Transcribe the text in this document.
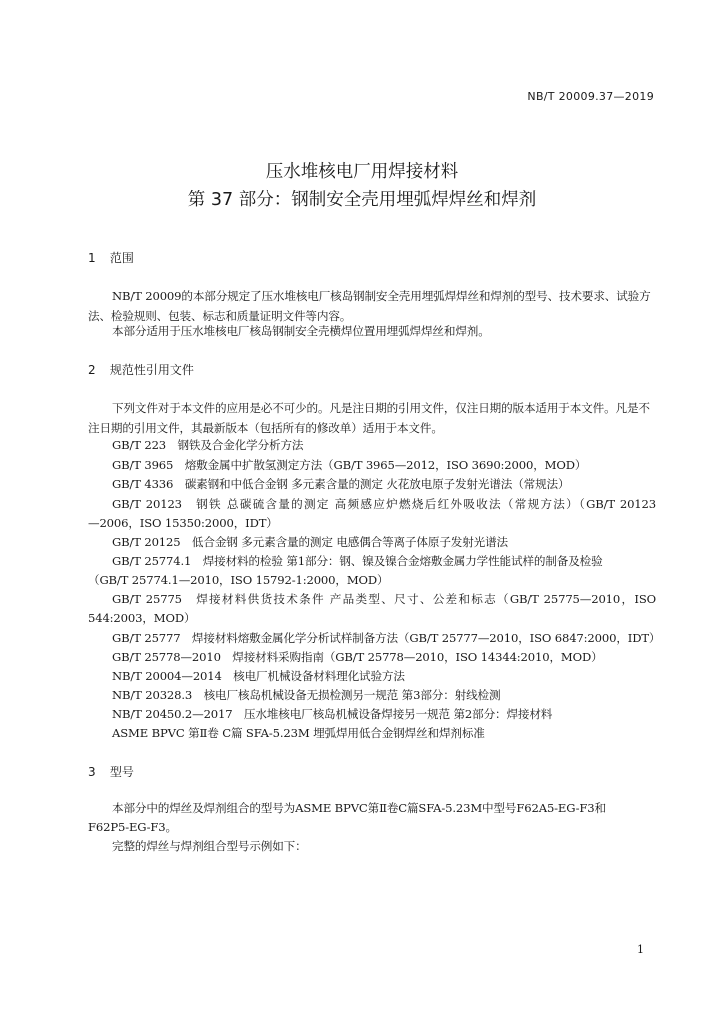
NB/T 20009.37—2019
压水堆核电厂用焊接材料
第 37 部分：钢制安全壳用埋弧焊焊丝和焊剂
1 范围

NB/T 20009的本部分规定了压水堆核电厂核岛钢制安全壳用埋弧焊焊丝和焊剂的型号、技术要求、试验方法、检验规则、包装、标志和质量证明文件等内容。

本部分适用于压水堆核电厂核岛钢制安全壳横焊位置用埋弧焊焊丝和焊剂。

2 规范性引用文件

下列文件对于本文件的应用是必不可少的。凡是注日期的引用文件，仅注日期的版本适用于本文件。凡是不注日期的引用文件，其最新版本（包括所有的修改单）适用于本文件。

GB/T 223　钢铁及合金化学分析方法
GB/T 3965　熔敷金属中扩散氢测定方法（GB/T 3965—2012，ISO 3690:2000，MOD）
GB/T 4336　碳素钢和中低合金钢 多元素含量的测定 火花放电原子发射光谱法（常规法）
GB/T 20123　钢铁 总碳硫含量的测定 高频感应炉燃烧后红外吸收法（常规方法）（GB/T 20123
—2006，ISO 15350:2000，IDT）
GB/T 20125　低合金钢 多元素含量的测定 电感偶合等离子体原子发射光谱法
GB/T 25774.1　焊接材料的检验 第1部分：钢、镍及镍合金熔敷金属力学性能试样的制备及检验
（GB/T 25774.1—2010，ISO 15792-1:2000，MOD）
GB/T 25775　焊接材料供货技术条件 产品类型、尺寸、公差和标志（GB/T 25775—2010，ISO
544:2003，MOD）
GB/T 25777　焊接材料熔敷金属化学分析试样制备方法（GB/T 25777—2010，ISO 6847:2000，IDT）
GB/T 25778—2010　焊接材料采购指南（GB/T 25778—2010，ISO 14344:2010，MOD）
NB/T 20004—2014　核电厂机械设备材料理化试验方法
NB/T 20328.3　核电厂核岛机械设备无损检测另一规范 第3部分：射线检测
NB/T 20450.2—2017　压水堆核电厂核岛机械设备焊接另一规范 第2部分：焊接材料
ASME BPVC 第Ⅱ卷 C篇 SFA-5.23M 埋弧焊用低合金钢焊丝和焊剂标准
3 型号
本部分中的焊丝及焊剂组合的型号为ASME BPVC第Ⅱ卷C篇SFA-5.23M中型号F62A5-EG-F3和
F62P5-EG-F3。
完整的焊丝与焊剂组合型号示例如下：
1
